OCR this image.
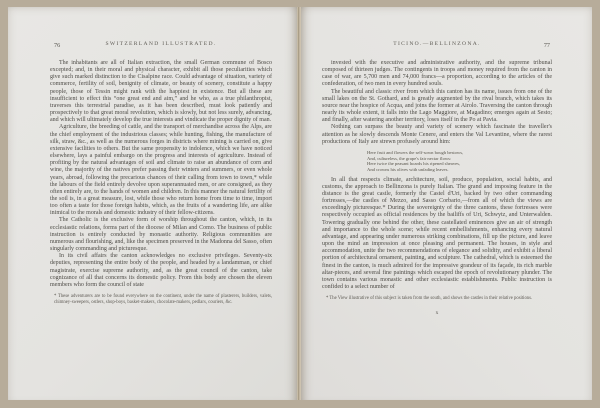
76	SWITZERLAND ILLUSTRATED.

The inhabitants are all of Italian extraction, the small German commune of Bosco excepted; and, in their moral and physical character, exhibit all those peculiarities which give such marked distinction to the Cisalpine race. Could advantage of situation, variety of commerce, fertility of soil, benignity of climate, or beauty of scenery, constitute a happy people, those of Tessin might rank with the happiest in existence. But all these are insufficient to effect this “one great end and aim,” and he who, as a true philanthropist, traverses this terrestrial paradise, as it has been described, must look patiently and prospectively to that great moral revolution, which is slowly, but not less surely, advancing, and which will ultimately develop the true interests and vindicate the proper dignity of man.

Agriculture, the breeding of cattle, and the transport of merchandise across the Alps, are the chief employment of the industrious classes; while hunting, fishing, the manufacture of silk, straw, &c., as well as the numerous forges in districts where mining is carried on, give extensive facilities to others. But the same propensity to indolence, which we have noticed elsewhere, lays a painful embargo on the progress and interests of agriculture. Instead of profiting by the natural advantages of soil and climate to raise an abundance of corn and wine, the majority of the natives prefer passing their winters and summers, or even whole years, abroad, following the precarious chances of their calling from town to town,* while the labours of the field entirely devolve upon superannuated men, or are consigned, as they often entirely are, to the hands of women and children. In this manner the natural fertility of the soil is, in a great measure, lost, while those who return home from time to time, import too often a taste for those foreign habits, which, as the fruits of a wandering life, are alike inimical to the morals and domestic industry of their fellow-citizens.

The Catholic is the exclusive form of worship throughout the canton, which, in its ecclesiastic relations, forms part of the diocese of Milan and Como. The business of public instruction is entirely conducted by monastic authority. Religious communities are numerous and flourishing, and, like the specimen preserved in the Madonna del Sasso, often singularly commanding and picturesque.

In its civil affairs the canton acknowledges no exclusive privileges. Seventy-six deputies, representing the entire body of the people, and headed by a landamman, or chief magistrate, exercise supreme authority, and, as the great council of the canton, take cognizance of all that concerns its domestic policy. From this body are chosen the eleven members who form the council of state

* These adventurers are to be found everywhere on the continent, under the name of plasterers, builders, valets, chimney-sweepers, ostlers, shop-boys, basket-makers, chocolate-makers, pedlars, couriers, &c.
TICINO.—BELLINZONA.	77

invested with the executive and administrative authority, and the supreme tribunal composed of thirteen judges. The contingents in troops and money required from the canton in case of war, are 5,700 men and 74,000 francs—a proportion, according to the articles of the confederation, of two men in every hundred souls.

The beautiful and classic river from which this canton has its name, issues from one of the small lakes on the St. Gothard, and is greatly augmented by the rival branch, which takes its source near the hospice of Acqua, and joins the former at Airolo. Traversing the canton through nearly its whole extent, it falls into the Lago Maggiore, at Magadino; emerges again at Sesto; and finally, after watering another territory, loses itself in the Po at Pavia.

Nothing can surpass the beauty and variety of scenery which fascinate the traveller's attention as he slowly descends Monte Cenere, and enters the Val Levantine, where the rarest productions of Italy are strewn profusely around him:

Here fruit and flowers the self-sown bough bestows,
And, cultureless, the grape's fair nectar flows:
Here twice the peasant hoards his ripened sheaves,
And crowns his olives with unfading leaves.

In all that respects climate, architecture, soil, produce, population, social habits, and customs, the approach to Bellinzona is purely Italian. The grand and imposing feature in the distance is the great castle, formerly the Castel d'Uri, backed by two other commanding fortresses,—the castles of Mezzo, and Sasso Corbario,—from all of which the views are exceedingly picturesque.* During the sovereignty of the three cantons, these fortresses were respectively occupied as official residences by the bailiffs of Uri, Schwytz, and Unterwalden. Towering gradually one behind the other, these castellated eminences give an air of strength and importance to the whole scene; while recent embellishments, enhancing every natural advantage, and appearing under numerous striking combinations, fill up the picture, and leave upon the mind an impression at once pleasing and permanent. The houses, in style and accommodation, unite the two recommendations of elegance and solidity, and exhibit a liberal portion of architectural ornament, painting, and sculpture. The cathedral, which is esteemed the finest in the canton, is much admired for the impressive grandeur of its façade, its rich marble altar-pieces, and several fine paintings which escaped the epoch of revolutionary plunder. The town contains various monastic and other ecclesiastic establishments. Public instruction is confided to a select number of

* The View illustrative of this subject is taken from the south, and shows the castles in their relative positions.
x
